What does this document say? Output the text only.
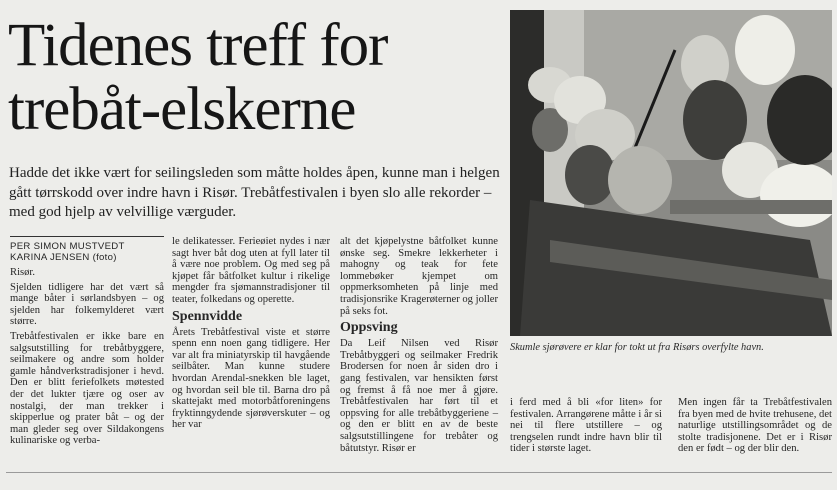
Tidenes treff for trebåt-elskerne

Hadde det ikke vært for seilingsleden som måtte holdes åpen, kunne man i helgen gått tørrskodd over indre havn i Risør. Trebåtfestivalen i byen slo alle rekorder – med god hjelp av velvillige værguder.

PER SIMON MUSTVEDT
KARINA JENSEN (foto)

Risør.

Sjelden tidligere har det vært så mange båter i sørlandsbyen – og sjelden har folkemylderet vært større.

Trebåtfestivalen er ikke bare en salgsutstilling for trebåtbyggere, seilmakere og andre som holder gamle håndverkstradisjoner i hevd. Den er blitt feriefolkets møtested der det lukter tjære og oser av nostalgi, der man trekker i skipperlue og prater båt – og der man gleder seg over Sildakongens kulinariske og verba-

le delikatesser. Ferieøiet nydes i nær sagt hver båt dog uten at fyll later til å være noe problem. Og med seg på kjøpet får båtfolket kultur i rikelige mengder fra sjømannstradisjoner til teater, folkedans og operette.

Spennvidde

Årets Trebåtfestival viste et større spenn enn noen gang tidligere. Her var alt fra miniatyrskip til havgående seilbåter. Man kunne studere hvordan Arendal-snekken ble laget, og hvordan seil ble til. Barna dro på skattejakt med motorbåtforeningens fryktinngydende sjørøverskuter – og her var

alt det kjøpelystne båtfolket kunne ønske seg. Smekre lekkerheter i mahogny og teak for fete lommebøker kjempet om oppmerksomheten på linje med tradisjonsrike Kragerøterner og joller på seks fot.

Oppsving

Da Leif Nilsen ved Risør Trebåtbyggeri og seilmaker Fredrik Brodersen for noen år siden dro i gang festivalen, var hensikten først og fremst å få noe mer å gjøre. Trebåtfestivalen har ført til et oppsving for alle trebåtbyggeriene – og den er blitt en av de beste salgsutstillingene for trebåter og båtutstyr. Risør er

Skumle sjørøvere er klar for tokt ut fra Risørs overfylte havn.

i ferd med å bli «for liten» for festivalen. Arrangørene måtte i år si nei til flere utstillere – og trengselen rundt indre havn blir til tider i største laget.

Men ingen får ta Trebåtfestivalen fra byen med de hvite trehusene, det naturlige utstillingsområdet og de stolte tradisjonene. Det er i Risør den er født – og der blir den.
